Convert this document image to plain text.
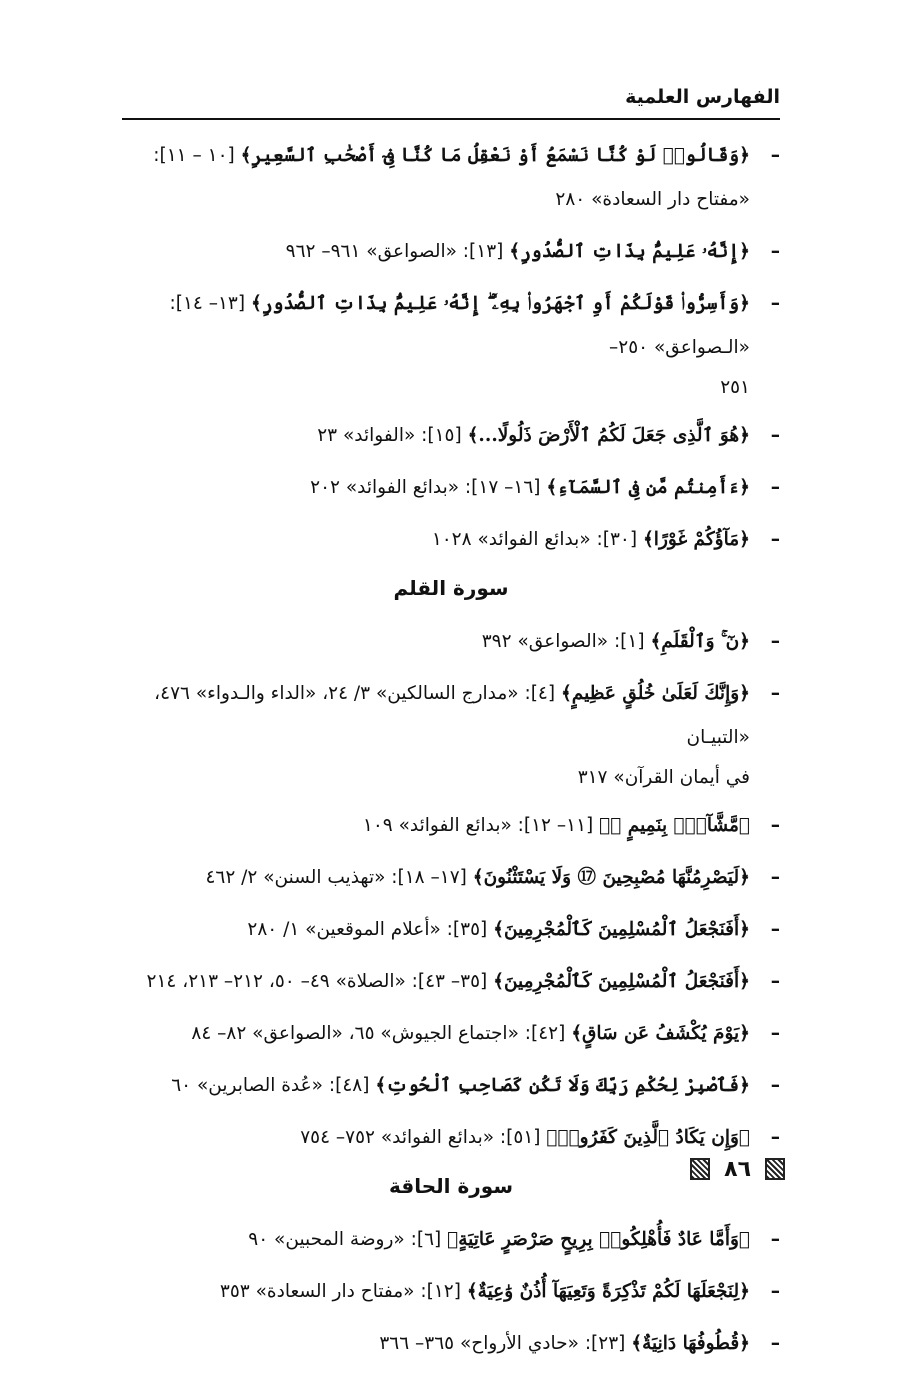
الفهارس العلمية
–
﴿وَقَالُوا۟ لَوْ كُنَّا نَسْمَعُ أَوْ نَعْقِلُ مَا كُنَّا فِىٓ أَصْحَٰبِ ٱلسَّعِيرِ﴾ [١٠ – ١١]: «مفتاح دار السعادة» ٢٨٠
–
﴿إِنَّهُۥ عَلِيمٌۢ بِذَاتِ ٱلصُّدُورِ﴾ [١٣]: «الصواعق» ٩٦١– ٩٦٢
–
﴿وَأَسِرُّوا۟ قَوْلَكُمْ أَوِ ٱجْهَرُوا۟ بِهِۦٓ ۖ إِنَّهُۥ عَلِيمٌۢ بِذَاتِ ٱلصُّدُورِ﴾ [١٣– ١٤]: «الـصواعق» ٢٥٠–
٢٥١
–
﴿هُوَ ٱلَّذِى جَعَلَ لَكُمُ ٱلْأَرْضَ ذَلُولًا...﴾ [١٥]: «الفوائد» ٢٣
–
﴿ءَأَمِنتُم مَّن فِى ٱلسَّمَآءِ﴾ [١٦– ١٧]: «بدائع الفوائد» ٢٠٢
–
﴿مَآؤُكُمْ غَوْرًا﴾ [٣٠]: «بدائع الفوائد» ١٠٢٨
سورة القلم
–
﴿نٓ ۚ وَٱلْقَلَمِ﴾ [١]: «الصواعق» ٣٩٢
–
﴿وَإِنَّكَ لَعَلَىٰ خُلُقٍ عَظِيمٍ﴾ [٤]: «مدارج السالكين» ٣/ ٢٤، «الداء والـدواء» ٤٧٦، «التبيـان
في أيمان القرآن» ٣١٧
–
﴿مَّشَّآءٍۭ بِنَمِيمٍ ⑪﴾ [١١– ١٢]: «بدائع الفوائد» ١٠٩
–
﴿لَيَصْرِمُنَّهَا مُصْبِحِينَ ⑰ وَلَا يَسْتَثْنُونَ﴾ [١٧– ١٨]: «تهذيب السنن» ٢/ ٤٦٢
–
﴿أَفَنَجْعَلُ ٱلْمُسْلِمِينَ كَٱلْمُجْرِمِينَ﴾ [٣٥]: «أعلام الموقعين» ١/ ٢٨٠
–
﴿أَفَنَجْعَلُ ٱلْمُسْلِمِينَ كَٱلْمُجْرِمِينَ﴾ [٣٥– ٤٣]: «الصلاة» ٤٩– ٥٠، ٢١٢– ٢١٣، ٢١٤
–
﴿يَوْمَ يُكْشَفُ عَن سَاقٍ﴾ [٤٢]: «اجتماع الجيوش» ٦٥، «الصواعق» ٨٢– ٨٤
–
﴿فَٱصْبِرْ لِحُكْمِ رَبِّكَ وَلَا تَكُن كَصَاحِبِ ٱلْحُوتِ﴾ [٤٨]: «عُدة الصابرين» ٦٠
–
﴿وَإِن يَكَادُ ٱلَّذِينَ كَفَرُوا۟﴾ [٥١]: «بدائع الفوائد» ٧٥٢– ٧٥٤
سورة الحاقة
–
﴿وَأَمَّا عَادٌ فَأُهْلِكُوا۟ بِرِيحٍ صَرْصَرٍ عَاتِيَةٍ﴾ [٦]: «روضة المحبين» ٩٠
–
﴿لِنَجْعَلَهَا لَكُمْ تَذْكِرَةً وَتَعِيَهَآ أُذُنٌ وَٰعِيَةٌ﴾ [١٢]: «مفتاح دار السعادة» ٣٥٣
–
﴿قُطُوفُهَا دَانِيَةٌ﴾ [٢٣]: «حادي الأرواح» ٣٦٥– ٣٦٦
٨٦
